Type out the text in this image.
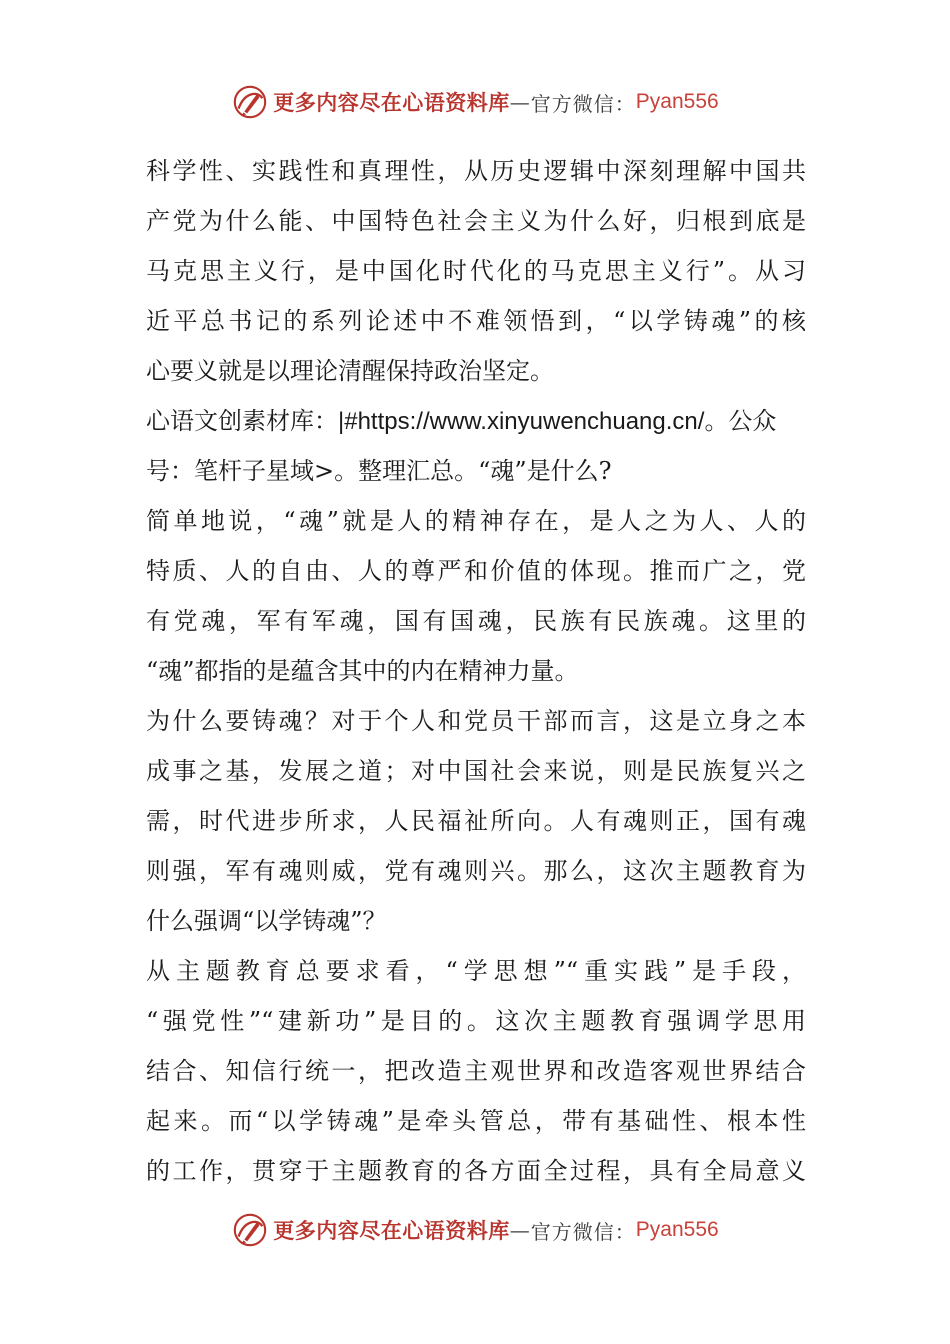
更多内容尽在心语资料库 — 官方微信： Pyan556
科学性、实践性和真理性，从历史逻辑中深刻理解中国共
产党为什么能、中国特色社会主义为什么好，归根到底是
马克思主义行，是中国化时代化的马克思主义行”。从习
近平总书记的系列论述中不难领悟到，“以学铸魂”的核
心要义就是以理论清醒保持政治坚定。
心语文创素材库：|#https://www.xinyuwenchuang.cn/。公众
号：笔杆子星域>。整理汇总。“魂”是什么?
简单地说，“魂”就是人的精神存在，是人之为人、人的
特质、人的自由、人的尊严和价值的体现。推而广之，党
有党魂，军有军魂，国有国魂，民族有民族魂。这里的
“魂”都指的是蕴含其中的内在精神力量。
为什么要铸魂？对于个人和党员干部而言，这是立身之本
成事之基，发展之道；对中国社会来说，则是民族复兴之
需，时代进步所求，人民福祉所向。人有魂则正，国有魂
则强，军有魂则威，党有魂则兴。那么，这次主题教育为
什么强调“以学铸魂”？
从主题教育总要求看，“学思想”“重实践”是手段，
“强党性”“建新功”是目的。这次主题教育强调学思用
结合、知信行统一，把改造主观世界和改造客观世界结合
起来。而“以学铸魂”是牵头管总，带有基础性、根本性
的工作，贯穿于主题教育的各方面全过程，具有全局意义
更多内容尽在心语资料库 — 官方微信： Pyan556
